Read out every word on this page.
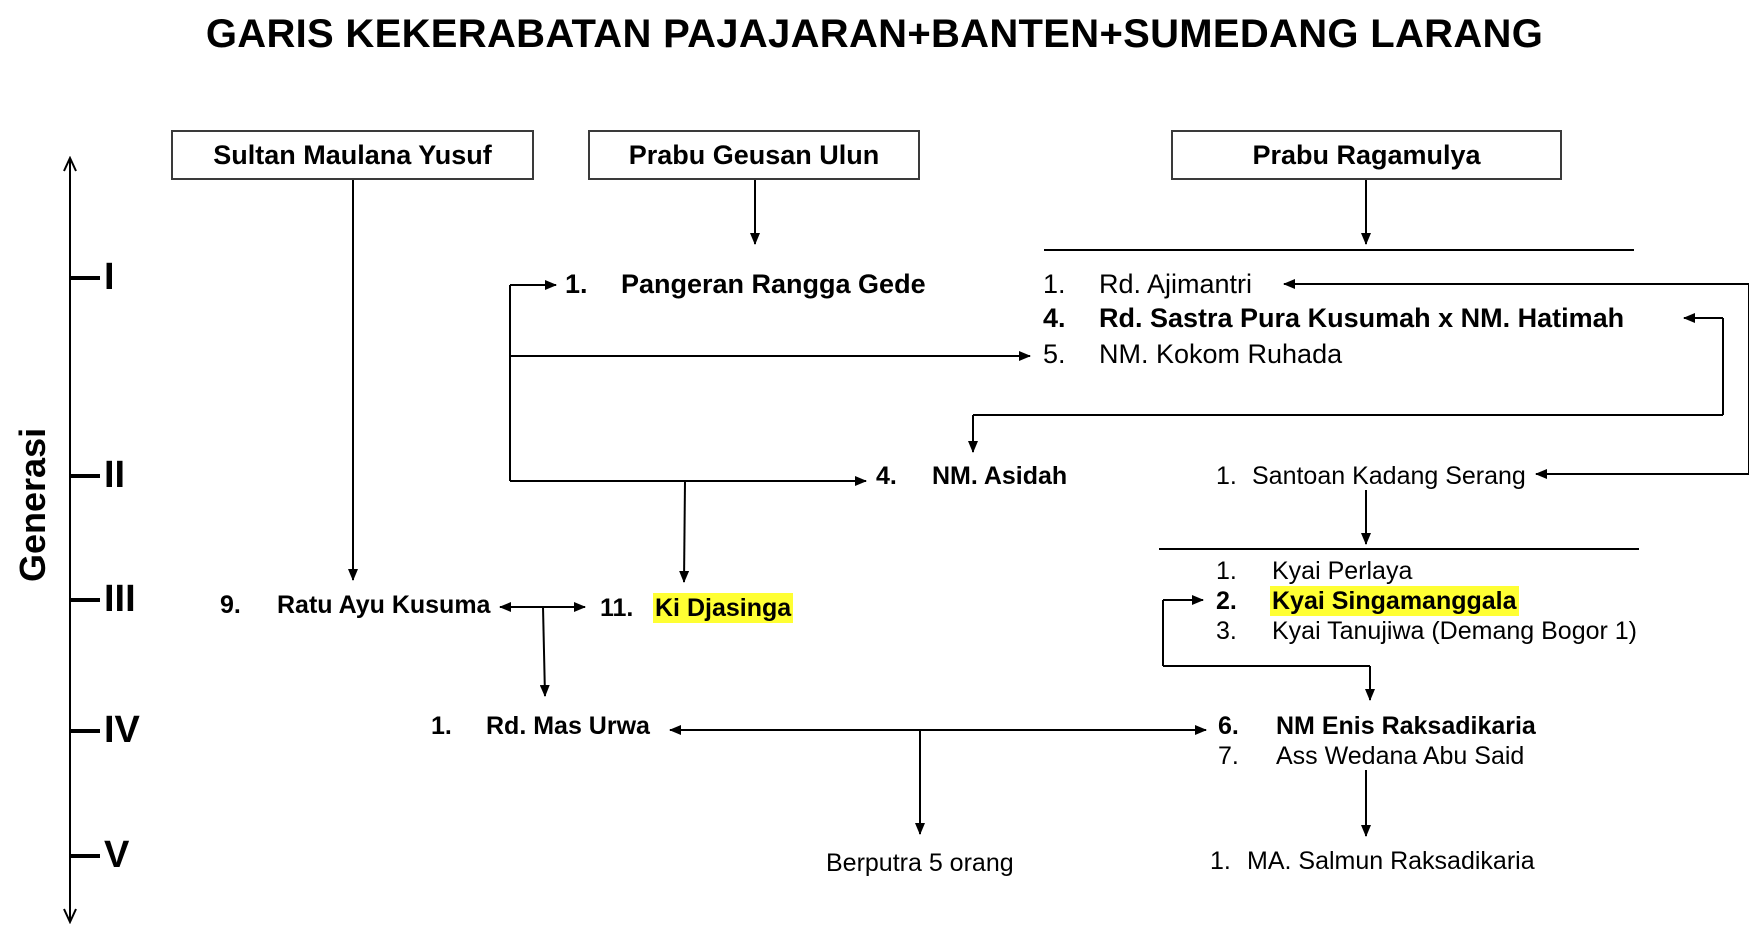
GARIS KEKERABATAN PAJAJARAN+BANTEN+SUMEDANG LARANG
Generasi
I
II
III
IV
V
Sultan Maulana Yusuf	Prabu Geusan Ulun	Prabu Ragamulya
1. Pangeran Rangga Gede	1. Rd. Ajimantri
4. Rd. Sastra Pura Kusumah x NM. Hatimah
5. NM. Kokom Ruhada
4. NM. Asidah	1. Santoan Kadang Serang
9. Ratu Ayu Kusuma	11. Ki Djasinga
1. Kyai Perlaya
2. Kyai Singamanggala
3. Kyai Tanujiwa (Demang Bogor 1)
1. Rd. Mas Urwa	6. NM Enis Raksadikaria
7. Ass Wedana Abu Said
Berputra 5 orang	1. MA. Salmun Raksadikaria
